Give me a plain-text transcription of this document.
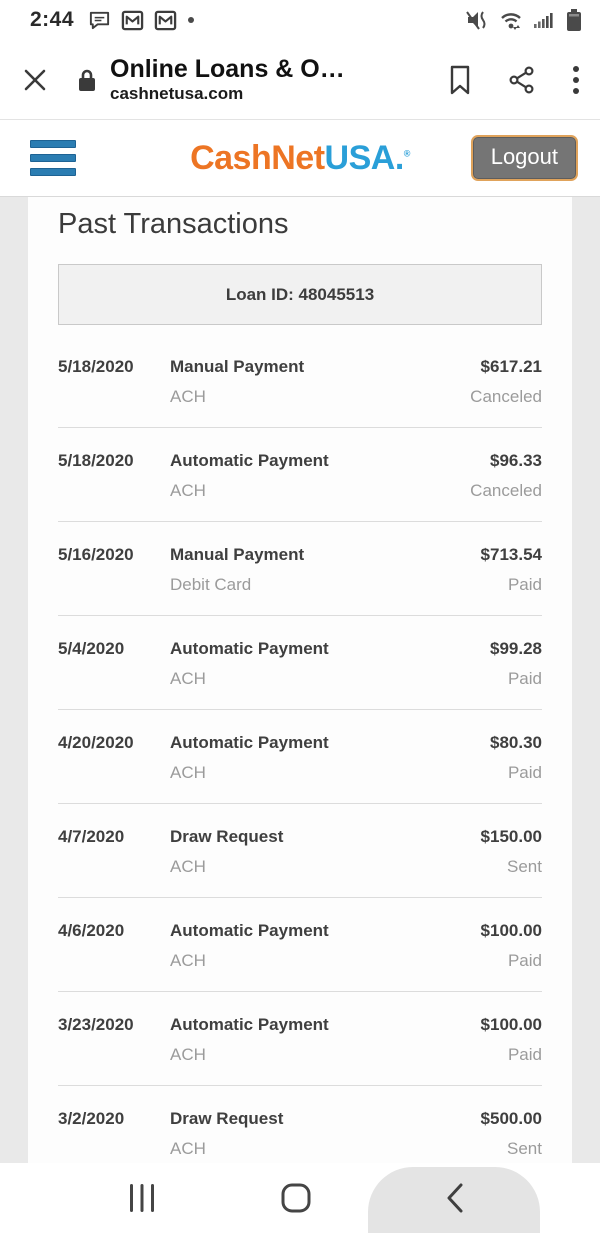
2:44
Online Loans & O…
cashnetusa.com
CashNetUSA.®	Logout
Past Transactions
Loan ID: 48045513
5/18/2020	Manual Payment	$617.21
ACH	Canceled
5/18/2020	Automatic Payment	$96.33
ACH	Canceled
5/16/2020	Manual Payment	$713.54
Debit Card	Paid
5/4/2020	Automatic Payment	$99.28
ACH	Paid
4/20/2020	Automatic Payment	$80.30
ACH	Paid
4/7/2020	Draw Request	$150.00
ACH	Sent
4/6/2020	Automatic Payment	$100.00
ACH	Paid
3/23/2020	Automatic Payment	$100.00
ACH	Paid
3/2/2020	Draw Request	$500.00
ACH	Sent
